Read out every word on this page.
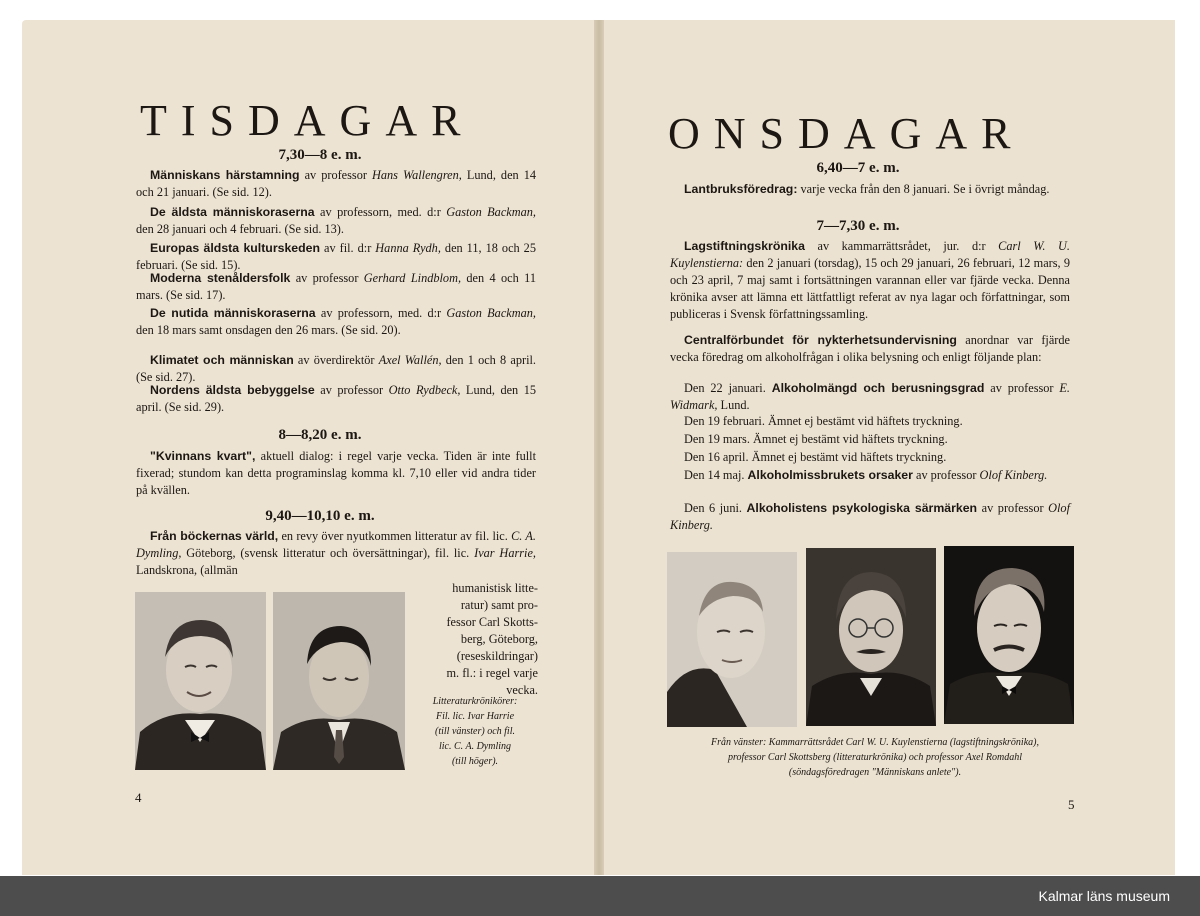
TISDAGAR
7,30—8 e. m.
Människans härstamning av professor Hans Wallengren, Lund, den 14 och 21 januari. (Se sid. 12).
De äldsta människoraserna av professorn, med. d:r Gaston Backman, den 28 januari och 4 februari. (Se sid. 13).
Europas äldsta kulturskeden av fil. d:r Hanna Rydh, den 11, 18 och 25 februari. (Se sid. 15).
Moderna stenåldersfolk av professor Gerhard Lindblom, den 4 och 11 mars. (Se sid. 17).
De nutida människoraserna av professorn, med. d:r Gaston Backman, den 18 mars samt onsdagen den 26 mars. (Se sid. 20).
Klimatet och människan av överdirektör Axel Wallén, den 1 och 8 april. (Se sid. 27).
Nordens äldsta bebyggelse av professor Otto Rydbeck, Lund, den 15 april. (Se sid. 29).
8—8,20 e. m.
"Kvinnans kvart", aktuell dialog: i regel varje vecka. Tiden är inte fullt fixerad; stundom kan detta programinslag komma kl. 7,10 eller vid andra tider på kvällen.
9,40—10,10 e. m.
Från böckernas värld, en revy över nyutkommen litteratur av fil. lic. C. A. Dymling, Göteborg, (svensk litteratur och översättningar), fil. lic. Ivar Harrie, Landskrona, (allmän
humanistisk litte-
ratur) samt pro-
fessor Carl Skotts-
berg, Göteborg,
(reseskildringar)
m. fl.: i regel varje
vecka.
Litteraturkrönikörer:
Fil. lic. Ivar Harrie
(till vänster) och fil.
lic. C. A. Dymling
(till höger).
4
ONSDAGAR
6,40—7 e. m.
Lantbruksföredrag: varje vecka från den 8 januari. Se i övrigt måndag.
7—7,30 e. m.
Lagstiftningskrönika av kammarrättsrådet, jur. d:r Carl W. U. Kuylenstierna: den 2 januari (torsdag), 15 och 29 januari, 26 februari, 12 mars, 9 och 23 april, 7 maj samt i fortsättningen varannan eller var fjärde vecka. Denna krönika avser att lämna ett lättfattligt referat av nya lagar och författningar, som publiceras i Svensk författningssamling.
Centralförbundet för nykterhetsundervisning anordnar var fjärde vecka föredrag om alkoholfrågan i olika belysning och enligt följande plan:
Den 22 januari. Alkoholmängd och berusningsgrad av professor E. Widmark, Lund.
Den 19 februari. Ämnet ej bestämt vid häftets tryckning.
Den 19 mars. Ämnet ej bestämt vid häftets tryckning.
Den 16 april. Ämnet ej bestämt vid häftets tryckning.
Den 14 maj. Alkoholmissbrukets orsaker av professor Olof Kinberg.
Den 6 juni. Alkoholistens psykologiska särmärken av professor Olof Kinberg.
Från vänster: Kammarrättsrådet Carl W. U. Kuylenstierna (lagstiftningskrönika),
professor Carl Skottsberg (litteraturkrönika) och professor Axel Romdahl
(söndagsföredragen "Människans anlete").
5
Kalmar läns museum
